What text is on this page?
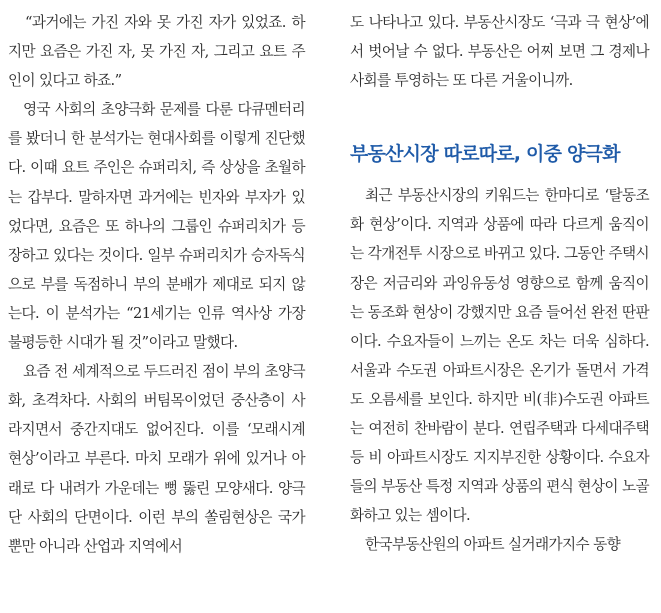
“과거에는 가진 자와 못 가진 자가 있었죠. 하지만 요즘은 가진 자, 못 가진 자, 그리고 요트 주인이 있다고 하죠.”

영국 사회의 초양극화 문제를 다룬 다큐멘터리를 봤더니 한 분석가는 현대사회를 이렇게 진단했다. 이때 요트 주인은 슈퍼리치, 즉 상상을 초월하는 갑부다. 말하자면 과거에는 빈자와 부자가 있었다면, 요즘은 또 하나의 그룹인 슈퍼리치가 등장하고 있다는 것이다. 일부 슈퍼리치가 승자독식으로 부를 독점하니 부의 분배가 제대로 되지 않는다. 이 분석가는 “21세기는 인류 역사상 가장 불평등한 시대가 될 것”이라고 말했다.

요즘 전 세계적으로 두드러진 점이 부의 초양극화, 초격차다. 사회의 버팀목이었던 중산층이 사라지면서 중간지대도 없어진다. 이를 ‘모래시계 현상’이라고 부른다. 마치 모래가 위에 있거나 아래로 다 내려가 가운데는 뻥 뚫린 모양새다. 양극단 사회의 단면이다. 이런 부의 쏠림현상은 국가뿐만 아니라 산업과 지역에서

도 나타나고 있다. 부동산시장도 ‘극과 극 현상’에서 벗어날 수 없다. 부동산은 어찌 보면 그 경제나 사회를 투영하는 또 다른 거울이니까.

부동산시장 따로따로, 이중 양극화

최근 부동산시장의 키워드는 한마디로 ‘탈동조화 현상’이다. 지역과 상품에 따라 다르게 움직이는 각개전투 시장으로 바뀌고 있다. 그동안 주택시장은 저금리와 과잉유동성 영향으로 함께 움직이는 동조화 현상이 강했지만 요즘 들어선 완전 딴판이다. 수요자들이 느끼는 온도 차는 더욱 심하다. 서울과 수도권 아파트시장은 온기가 돌면서 가격도 오름세를 보인다. 하지만 비(非)수도권 아파트는 여전히 찬바람이 분다. 연립주택과 다세대주택 등 비 아파트시장도 지지부진한 상황이다. 수요자들의 부동산 특정 지역과 상품의 편식 현상이 노골화하고 있는 셈이다.

한국부동산원의 아파트 실거래가지수 동향
